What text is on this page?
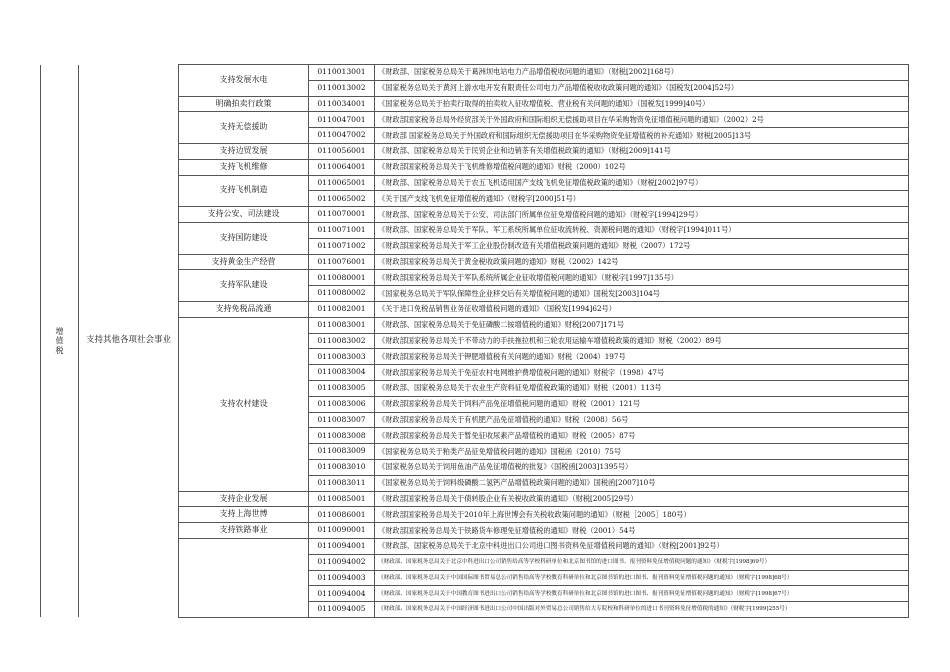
增值税	支持其他各项社会事业	支持发展水电	0110013001	《财政部、国家税务总局关于葛洲坝电站电力产品增值税收问题的通知》（财税[2002]168号）
			0110013002	《国家税务总局关于黄河上游水电开发有限责任公司电力产品增值税收收政策问题的通知》（国税发[2004]52号）
		明确拍卖行政策	0110034001	《国家税务总局关于拍卖行取得的拍卖收入征收增值税、营业税有关问题的通知》（国税发[1999]40号）
		支持无偿援助	0110047001	《财政部国家税务总局外经贸部关于外国政府和国际组织无偿援助项目在华采购物资免征增值税问题的通知》（2002）2号
			0110047002	《财政部 国家税务总局关于外国政府和国际组织无偿援助项目在华采购物资免征增值税的补充通知》财税[2005]13号
		支持边贸发展	0110056001	《财政部、国家税务总局关于民贸企业和边销茶有关增值税政策的通知》（财税[2009]141号
		支持飞机维修	0110064001	《财政部国家税务总局关于飞机维修增值税问题的通知》财税（2000）102号
		支持飞机制造	0110065001	《财政部、国家税务总局关于农五飞机适用国产支线飞机免征增值税政策的通知》（财税[2002]97号）
			0110065002	《关于国产支线飞机免征增值税的通知》（财税字[2000]51号）
		支持公安、司法建设	0110070001	《财政部、国家税务总局关于公安、司法部门所属单位征免增值税问题的通知》（财税字[1994]29号）
		支持国防建设	0110071001	《财政部、国家税务总局关于军队、军工系统所属单位征收流转税、资源税问题的通知》（财税字[1994]011号）
			0110071002	《财政部国家税务总局关于军工企业股份制改造有关增值税政策问题的通知》财税（2007）172号
		支持黄金生产经营	0110076001	《财政部国家税务总局关于黄金税收政策问题的通知》财税（2002）142号
		支持军队建设	0110080001	《财政部国家税务总局关于军队系统所属企业征收增值税问题的通知》（财税字[1997]135号）
			0110080002	《国家税务总局关于军队保障性企业移交后有关增值税问题的通知》国税发[2003]104号
		支持免税品流通	0110082001	《关于进口免税品销售业务征收增值税问题的通知》（国税发[1994]62号）
		支持农村建设	0110083001	《财政部、国家税务总局关于免征磷酸二铵增值税的通知》财税[2007]171号
			0110083002	《财政部国家税务总局关于不带动力的手扶拖拉机和三轮农用运输车增值税政策的通知》财税（2002）89号
			0110083003	《财政部国家税务总局关于钾肥增值税有关问题的通知》财税（2004）197号
			0110083004	《财政部国家税务总局关于免征农村电网维护费增值税问题的通知》财税字（1998）47号
			0110083005	《财政部、国家税务总局关于农业生产资料征免增值税政策的通知》财税（2001）113号
			0110083006	《财政部国家税务总局关于饲料产品免征增值税问题的通知》财税（2001）121号
			0110083007	《财政部国家税务总局关于有机肥产品免征增值税的通知》财税（2008）56号
			0110083008	《财政部国家税务总局关于暂免征收尿素产品增值税的通知》财税（2005）87号
			0110083009	《国家税务总局关于粕类产品征免增值税问题的通知》国税函（2010）75号
			0110083010	《国家税务总局关于饲用鱼油产品免征增值税的批复》（国税函[2003]1395号）
			0110083011	《国家税务总局关于饲料级磷酸二氢钙产品增值税政策问题的通知》国税函[2007]10号
		支持企业发展	0110085001	《财政部国家税务总局关于债转股企业有关税收政策的通知》（财税[2005]29号）
		支持上海世博	0110086001	《财政部国家税务总局关于2010年上海世博会有关税收政策问题的通知》（财税［2005］180号）
		支持铁路事业	0110090001	《财政部国家税务总局关于铁路货车修理免征增值税的通知》财税（2001）54号
			0110094001	《财政部、国家税务总局关于北京中科进出口公司进口图书资料免征增值税问题的通知》（财税[2001]92号）
			0110094002	《财政部、国家税务总局关于北京中科进出口公司销售给高等学校科研单位和北京图书馆的进口图书、报刊资料免征增值税问题的通知》（财税字[1998]69号）
			0110094003	《财政部、国家税务总局关于中国国际图书贸易总公司销售给高等学校教育科研单位和北京图书馆的进口图书、报刊资料免征增值税问题的通知》（财税字[1998]68号）
			0110094004	《财政部、国家税务总局关于中国教育图书进出口公司销售给高等学校教育科研单位和北京图书馆的进口图书、报刊资料免征增值税问题的通知》（财税字[1998]67号）
			0110094005	《财政部、国家税务总局关于中国经济图书进出口公司中国出版对外贸易总公司销售给大专院校和科研单位的进口书刊资料免征增值税的通知》（财税字[1999]255号）
